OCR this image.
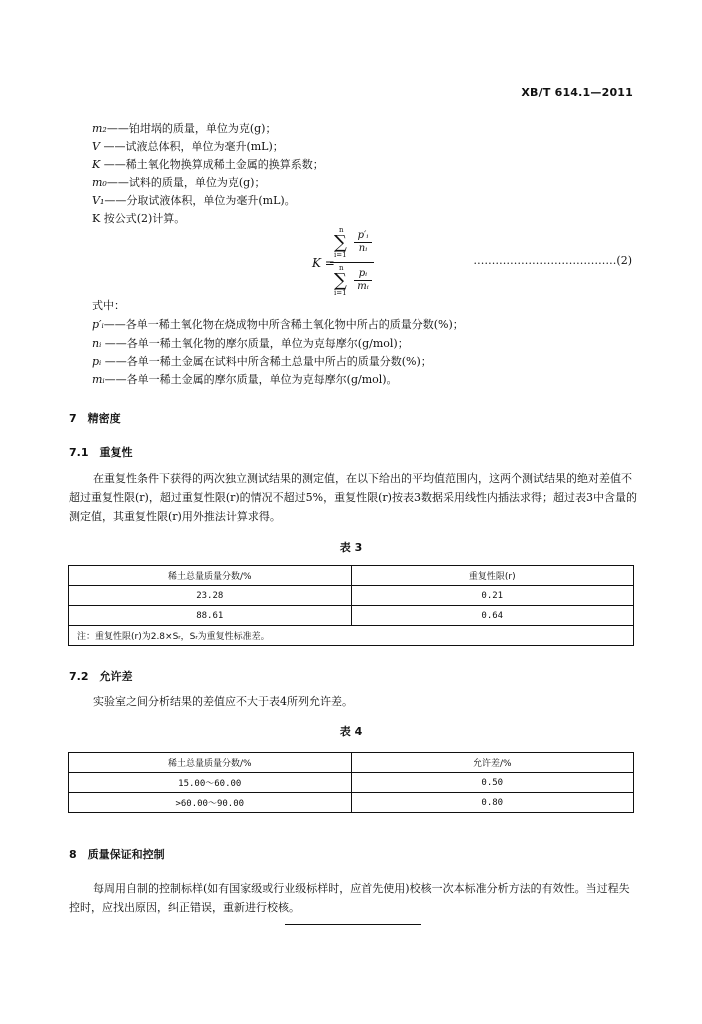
XB/T 614.1—2011
m₂——铂坩埚的质量，单位为克(g)；
V ——试液总体积，单位为毫升(mL)；
K ——稀土氧化物换算成稀土金属的换算系数；
m₀——试料的质量，单位为克(g)；
V₁——分取试液体积，单位为毫升(mL)。
K 按公式(2)计算。
K =
n
∑
$i=1 \frac{\text{p′ᵢ}}{\text{nᵢ}}$
n
∑
$i=1 \frac{\text{pᵢ}}{\text{mᵢ}}$
…………………………………(2)
式中：
p′ᵢ——各单一稀土氧化物在烧成物中所含稀土氧化物中所占的质量分数(%)；
nᵢ ——各单一稀土氧化物的摩尔质量，单位为克每摩尔(g/mol)；
pᵢ ——各单一稀土金属在试料中所含稀土总量中所占的质量分数(%)；
mᵢ——各单一稀土金属的摩尔质量，单位为克每摩尔(g/mol)。
7　精密度
7.1　重复性
在重复性条件下获得的两次独立测试结果的测定值，在以下给出的平均值范围内，这两个测试结果的绝对差值不超过重复性限(r)，超过重复性限(r)的情况不超过5%，重复性限(r)按表3数据采用线性内插法求得；超过表3中含量的测定值，其重复性限(r)用外推法计算求得。
表 3
稀土总量质量分数/%	重复性限(r)
23.28	0.21
88.61	0.64
注：重复性限(r)为2.8×Sᵣ，Sᵣ为重复性标准差。	
7.2　允许差
实验室之间分析结果的差值应不大于表4所列允许差。
表 4
稀土总量质量分数/%	允许差/%
15.00～60.00	0.50
>60.00～90.00	0.80
8　质量保证和控制
每周用自制的控制标样(如有国家级或行业级标样时，应首先使用)校核一次本标准分析方法的有效性。当过程失控时，应找出原因，纠正错误，重新进行校核。
